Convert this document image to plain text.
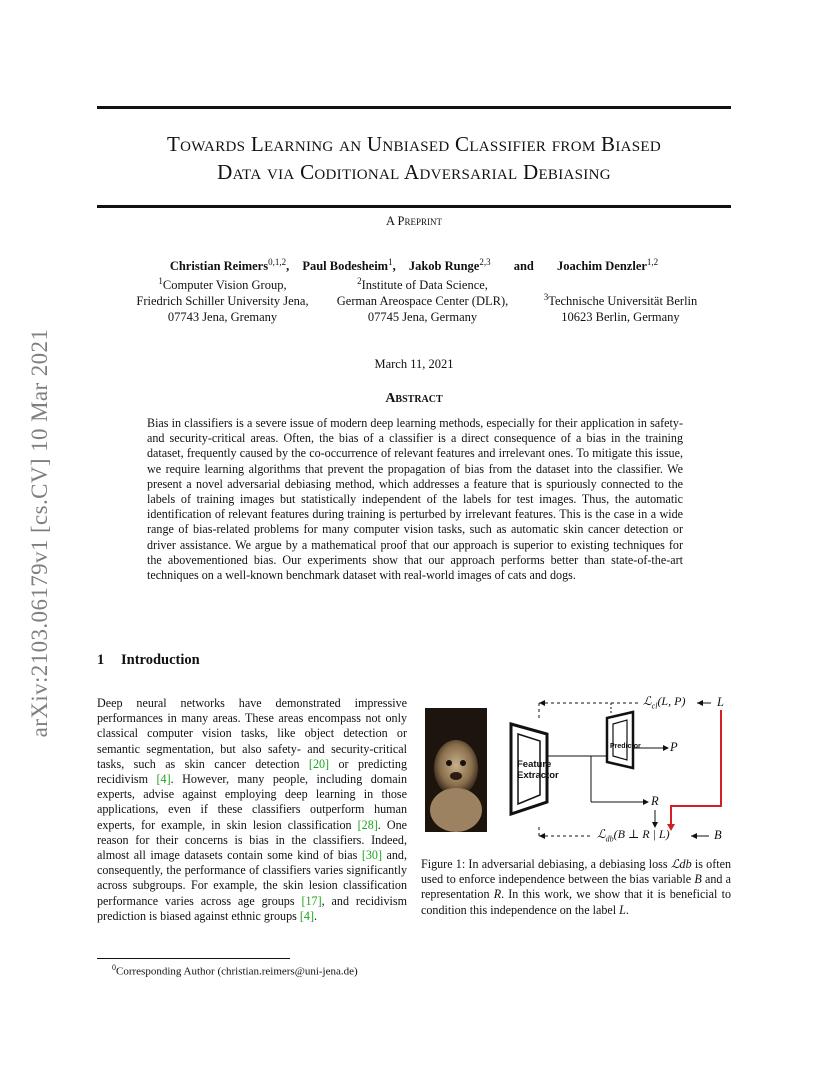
arXiv:2103.06179v1 [cs.CV] 10 Mar 2021
Towards Learning an Unbiased Classifier from Biased
Data via Coditional Adversarial Debiasing
A Preprint
Christian Reimers$^{0,1,2}$, Paul Bodesheim$^1$, Jakob Runge$^{2,3}$ and Joachim Denzler$^{1,2}$
$^1$Computer Vision Group,
Friedrich Schiller University Jena,
07743 Jena, Gremany
$^2$Institute of Data Science,
German Areospace Center (DLR),
07745 Jena, Germany
$^3$Technische Universität Berlin
10623 Berlin, Germany
March 11, 2021
Abstract
Bias in classifiers is a severe issue of modern deep learning methods, especially for their application in safety- and security-critical areas. Often, the bias of a classifier is a direct consequence of a bias in the training dataset, frequently caused by the co-occurrence of relevant features and irrelevant ones. To mitigate this issue, we require learning algorithms that prevent the propagation of bias from the dataset into the classifier. We present a novel adversarial debiasing method, which addresses a feature that is spuriously connected to the labels of training images but statistically independent of the labels for test images. Thus, the automatic identification of relevant features during training is perturbed by irrelevant features. This is the case in a wide range of bias-related problems for many computer vision tasks, such as automatic skin cancer detection or driver assistance. We argue by a mathematical proof that our approach is superior to existing techniques for the abovementioned bias. Our experiments show that our approach performs better than state-of-the-art techniques on a well-known benchmark dataset with real-world images of cats and dogs.
1 Introduction
Deep neural networks have demonstrated impressive performances in many areas. These areas encompass not only classical computer vision tasks, like object detection or semantic segmentation, but also safety- and security-critical tasks, such as skin cancer detection [20] or predicting recidivism [4]. However, many people, including domain experts, advise against employing deep learning in those applications, even if these classifiers outperform human experts, for example, in skin lesion classification [28]. One reason for their concerns is bias in the classifiers. Indeed, almost all image datasets contain some kind of bias [30] and, consequently, the performance of classifiers varies significantly across subgroups. For example, the skin lesion classification performance varies across age groups [17], and recidivism prediction is biased against ethnic groups [4].
Feature
Extractor
Predictor
ℒ$_{cl}$(L, P)	L
P
R
ℒ$_{db}$(B ⊥ R | L)	B
Figure 1: In adversarial debiasing, a debiasing loss ℒdb is often used to enforce independence between the bias variable B and a representation R. In this work, we show that it is beneficial to condition this independence on the label L.
$^0$Corresponding Author (christian.reimers@uni-jena.de)
